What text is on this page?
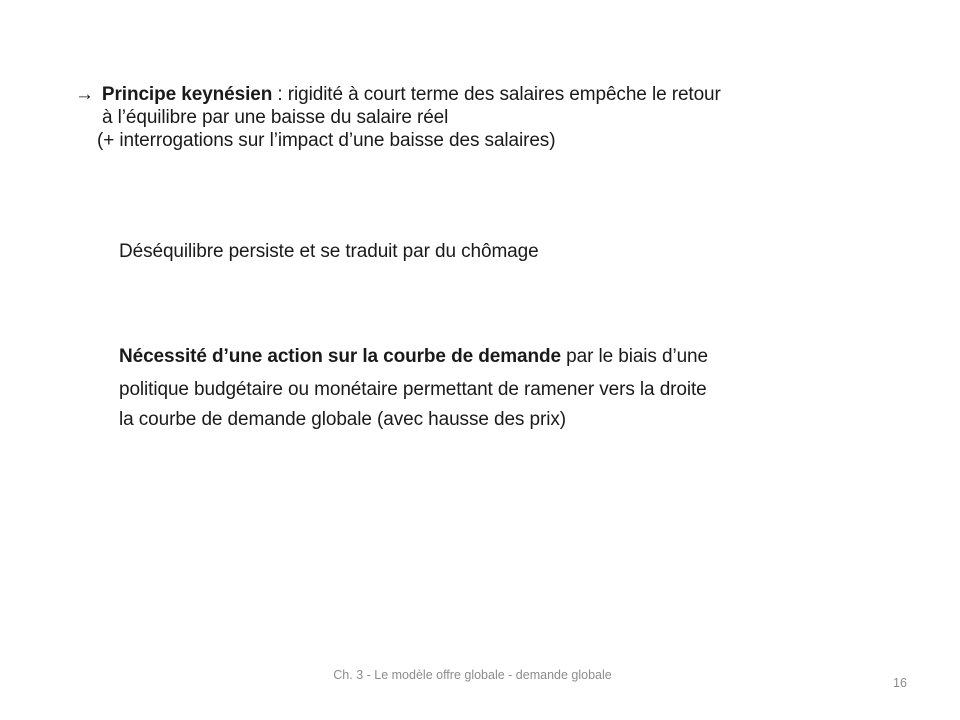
→ Principe keynésien : rigidité à court terme des salaires empêche le retour
à l’équilibre par une baisse du salaire réel
(+ interrogations sur l’impact d’une baisse des salaires)
Déséquilibre persiste et se traduit par du chômage
Nécessité d’une action sur la courbe de demande par le biais d’une
politique budgétaire ou monétaire permettant de ramener vers la droite
la courbe de demande globale (avec hausse des prix)
Ch. 3 - Le modèle offre globale - demande globale
16
